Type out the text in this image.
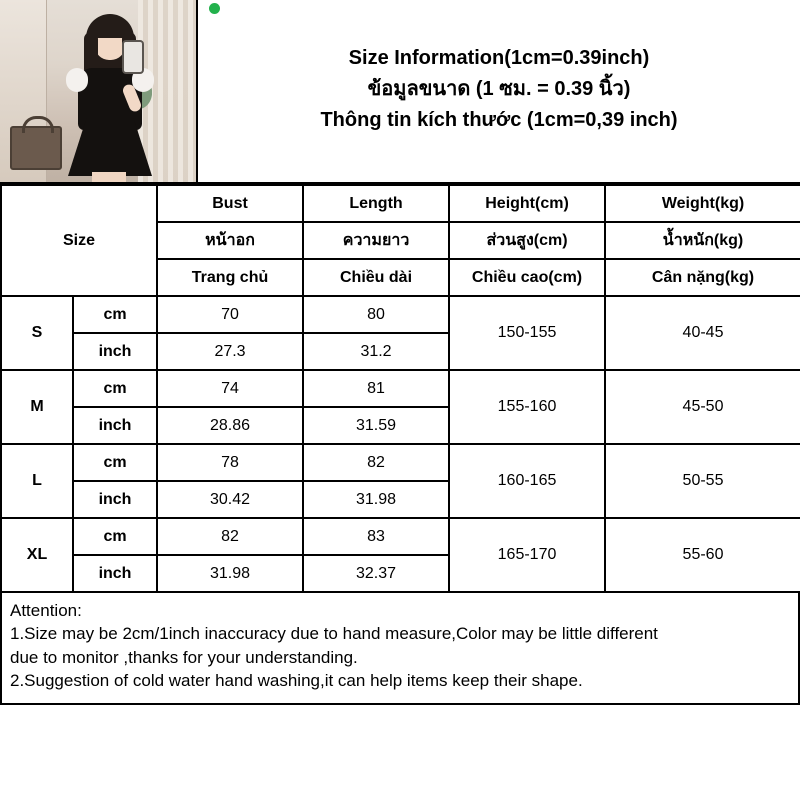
Size Information(1cm=0.39inch)
ข้อมูลขนาด (1 ซม. = 0.39 นิ้ว)
Thông tin kích thước (1cm=0,39 inch)
Size		Bust	Length	Height(cm)	Weight(kg)
		หน้าอก	ความยาว	ส่วนสูง(cm)	น้ำหนัก(kg)
		Trang chủ	Chiều dài	Chiều cao(cm)	Cân nặng(kg)
S	cm	70	80	150-155	40-45
	inch	27.3	31.2		
M	cm	74	81	155-160	45-50
	inch	28.86	31.59		
L	cm	78	82	160-165	50-55
	inch	30.42	31.98		
XL	cm	82	83	165-170	55-60
	inch	31.98	32.37		
Attention:
1.Size may be 2cm/1inch inaccuracy due to hand measure,Color may be little different
due to monitor ,thanks for your understanding.
2.Suggestion of cold water hand washing,it can help items keep their shape.
